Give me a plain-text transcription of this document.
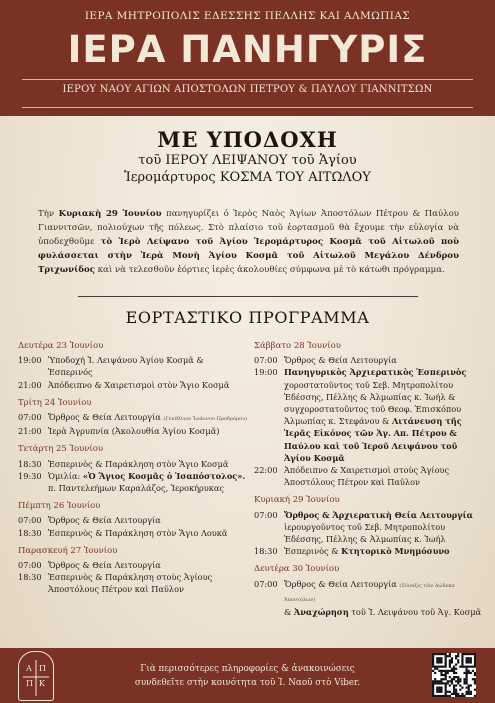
ΙΕΡΑ ΜΗΤΡΟΠΟΛΙΣ ΕΔΕΣΣΗΣ ΠΕΛΛΗΣ ΚΑΙ ΑΛΜΩΠΙΑΣ
ΙΕΡΑ ΠΑΝΗΓΥΡΙΣ
ΙΕΡΟΥ ΝΑΟΥ ΑΓΙΩΝ ΑΠΟΣΤΟΛΩΝ ΠΕΤΡΟΥ & ΠΑΥΛΟΥ ΓΙΑΝΝΙΤΣΩΝ
ΜΕ ΥΠΟΔΟΧΗ
τοῦ ΙΕΡΟΥ ΛΕΙΨΑΝΟΥ τοῦ Ἁγίου
Ἱερομάρτυρος ΚΟΣΜΑ ΤΟΥ ΑΙΤΩΛΟΥ
Τὴν Κυριακὴ 29 Ἰουνίου πανηγυρίζει ὁ Ἱερὸς Ναὸς Ἁγίων Ἀποστόλων Πέτρου & Παύλου Γιαννιτσῶν, πολιούχων τῆς πόλεως. Στὸ πλαίσιο τοῦ ἑορτασμοῦ θὰ ἔχουμε τὴν εὐλογία νὰ ὑποδεχθοῦμε τὸ Ἱερὸ Λείψανο τοῦ Ἁγίου Ἱερομάρτυρος Κοσμᾶ τοῦ Αἰτωλοῦ ποὺ φυλάσσεται στὴν Ἱερὰ Μονὴ Ἁγίου Κοσμᾶ τοῦ Αἰτωλοῦ Μεγάλου Δένδρου Τριχωνίδος καὶ νὰ τελεσθοῦν ἑόρτιες ἱερὲς ἀκολουθίες σύμφωνα μὲ τὸ κάτωθι πρόγραμμα.
ΕΟΡΤΑΣΤΙΚΟ ΠΡΟΓΡΑΜΜΑ
Δευτέρα 23 Ἰουνίου
19:00 Ὑποδοχή Ἱ. Λειψάνου Ἁγίου Κοσμᾶ & Ἑσπερινός
21:00 Ἀπόδειπνο & Χαιρετισμοὶ στὸν Ἅγιο Κοσμᾶ
Τρίτη 24 Ἰουνίου
07:00 Ὄρθρος & Θεία Λειτουργία (Γενέθλιον Ἰωάννου Προδρόμου)
21:00 Ἱερὰ Ἀγρυπνία (Ἀκολουθία Ἁγίου Κοσμᾶ)
Τετάρτη 25 Ἰουνίου
18:30 Ἑσπερινὸς & Παράκληση στὸν Ἅγιο Κοσμᾶ
19:30 Ὁμιλία: «Ὁ Ἅγιος Κοσμᾶς ὁ Ἰσαπόστολος».
π. Παντελεήμων Καραλάζος, Ἱεροκήρυκας
Πέμπτη 26 Ἰουνίου
07:00 Ὄρθρος & Θεία Λειτουργία
18:30 Ἑσπερινὸς & Παράκληση στὸν Ἅγιο Λουκᾶ
Παρασκευή 27 Ἰουνίου
07:00 Ὄρθρος & Θεία Λειτουργία
18:30 Ἑσπερινὸς & Παράκληση στοὺς Ἁγίους Ἀποστόλους Πέτρον καὶ Παῦλον
Σάββατο 28 Ἰουνίου
07:00 Ὄρθρος & Θεία Λειτουργία
19:00 Πανηγυρικὸς Ἀρχιερατικὸς Ἑσπερινὸς χοροστατοῦντος τοῦ Σεβ. Μητροπολίτου Ἐδέσσης, Πέλλης & Ἀλμωπίας κ. Ἰωήλ & συγχοροστατοῦντος τοῦ Θεοφ. Ἐπισκόπου Ἀλμωπίας κ. Στεφάνου & Λιτάνευση τῆς Ἱερᾶς Εἰκόνος τῶν Ἁγ. Απ. Πέτρου & Παύλου καὶ τοῦ Ἱεροῦ Λειψάνου τοῦ Ἁγίου Κοσμᾶ
22:00 Ἀπόδειπνο & Χαιρετισμοὶ στοὺς Ἁγίους Ἀποστόλους Πέτρον καὶ Παῦλον
Κυριακή 29 Ἰουνίου
07:00 Ὄρθρος & Ἀρχιερατικὴ Θεία Λειτουργία ἱερουργοῦντος τοῦ Σεβ. Μητροπολίτου Ἐδέσσης, Πέλλης & Ἀλμωπίας κ. Ἰωήλ
18:30 Ἑσπερινὸς & Κτητορικὸ Μνημόσυνο
Δευτέρα 30 Ἰουνίου
07:00 Ὄρθρος & Θεία Λειτουργία (Σύναξις τῶν Δώδεκα Ἀποστόλων)
& Ἀναχώρηση τοῦ Ἱ. Λειψάνου τοῦ Ἁγ. Κοσμᾶ
Α Π
Π Κ
Γιὰ περισσότερες πληροφορίες & ἀνακοινώσεις
συνδεθεῖτε στὴν κοινότητα τοῦ Ἱ. Ναοῦ στὸ Viber.
